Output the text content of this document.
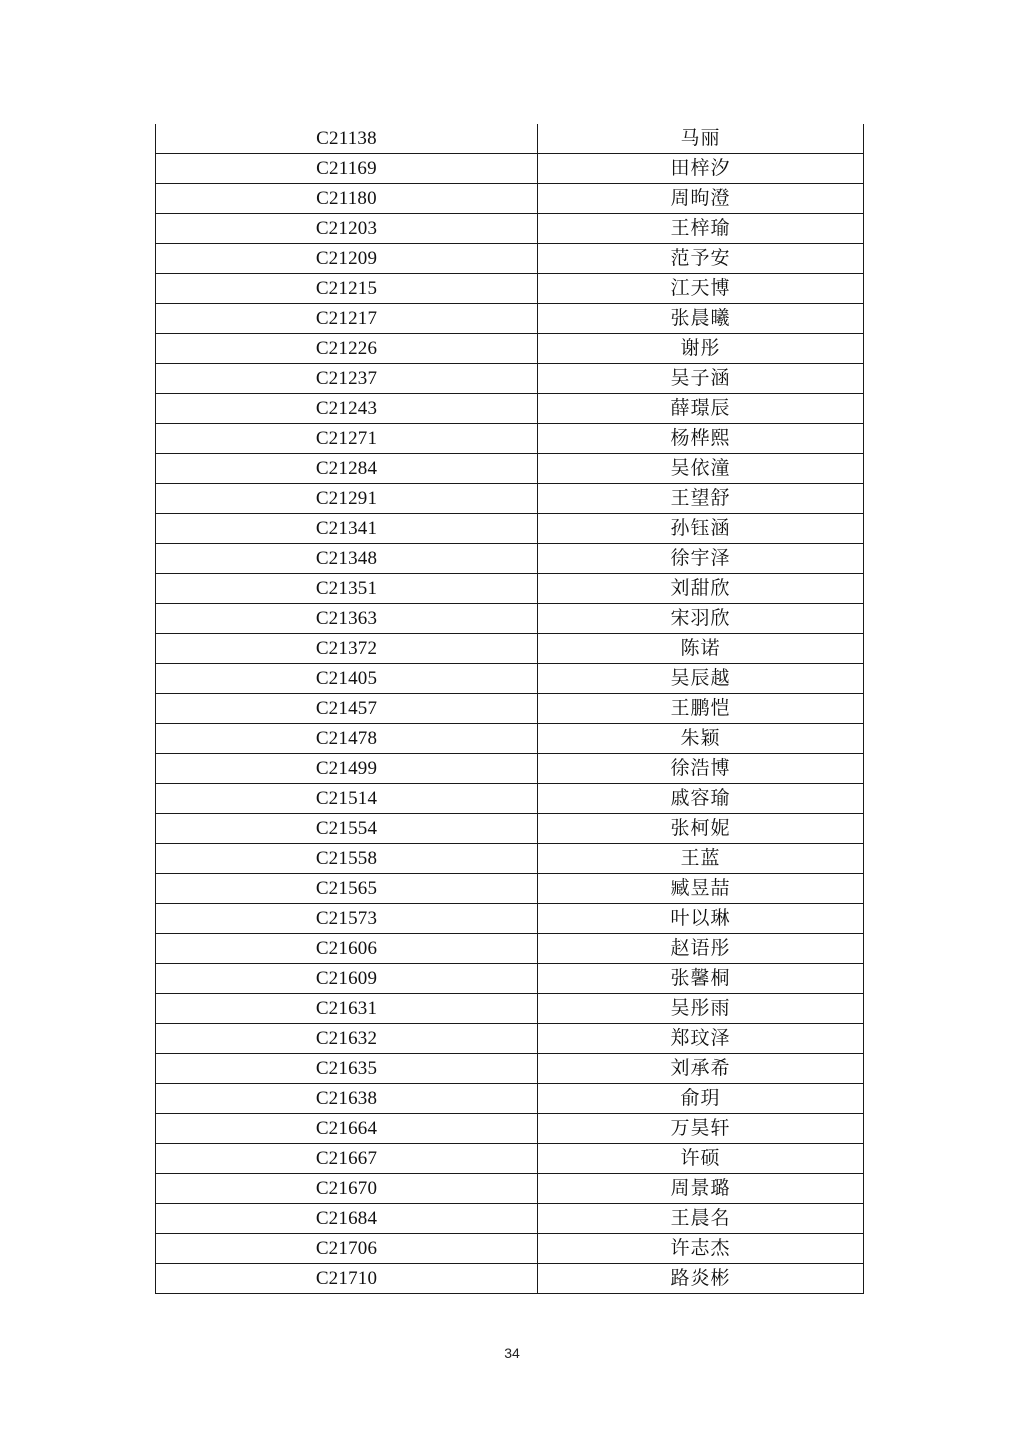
C21138	马丽
C21169	田梓汐
C21180	周昫澄
C21203	王梓瑜
C21209	范予安
C21215	江天博
C21217	张晨曦
C21226	谢彤
C21237	吴子涵
C21243	薛璟辰
C21271	杨桦熙
C21284	吴依潼
C21291	王望舒
C21341	孙钰涵
C21348	徐宇泽
C21351	刘甜欣
C21363	宋羽欣
C21372	陈诺
C21405	吴辰越
C21457	王鹏恺
C21478	朱颖
C21499	徐浩博
C21514	戚容瑜
C21554	张柯妮
C21558	王蓝
C21565	臧昱喆
C21573	叶以琳
C21606	赵语彤
C21609	张馨桐
C21631	吴彤雨
C21632	郑玟泽
C21635	刘承希
C21638	俞玥
C21664	万昊轩
C21667	许硕
C21670	周景璐
C21684	王晨名
C21706	许志杰
C21710	路炎彬
34
